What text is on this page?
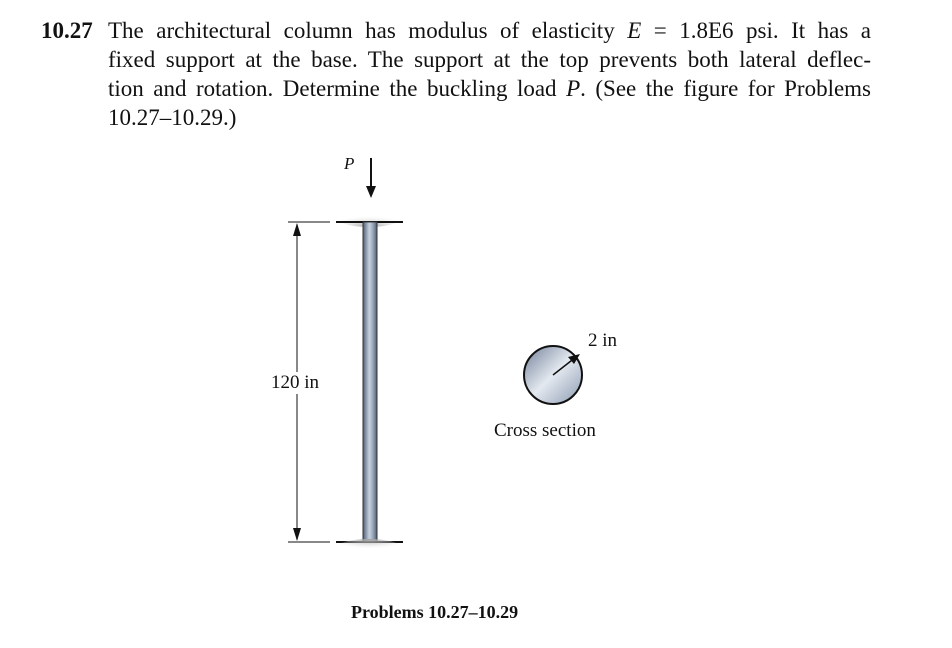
10.27 The architectural column has modulus of elasticity E = 1.8E6 psi. It has a
fixed support at the base. The support at the top prevents both lateral deflec-
tion and rotation. Determine the buckling load P. (See the figure for Problems
10.27–10.29.)
P
120 in
2 in
Cross section
Problems 10.27–10.29
